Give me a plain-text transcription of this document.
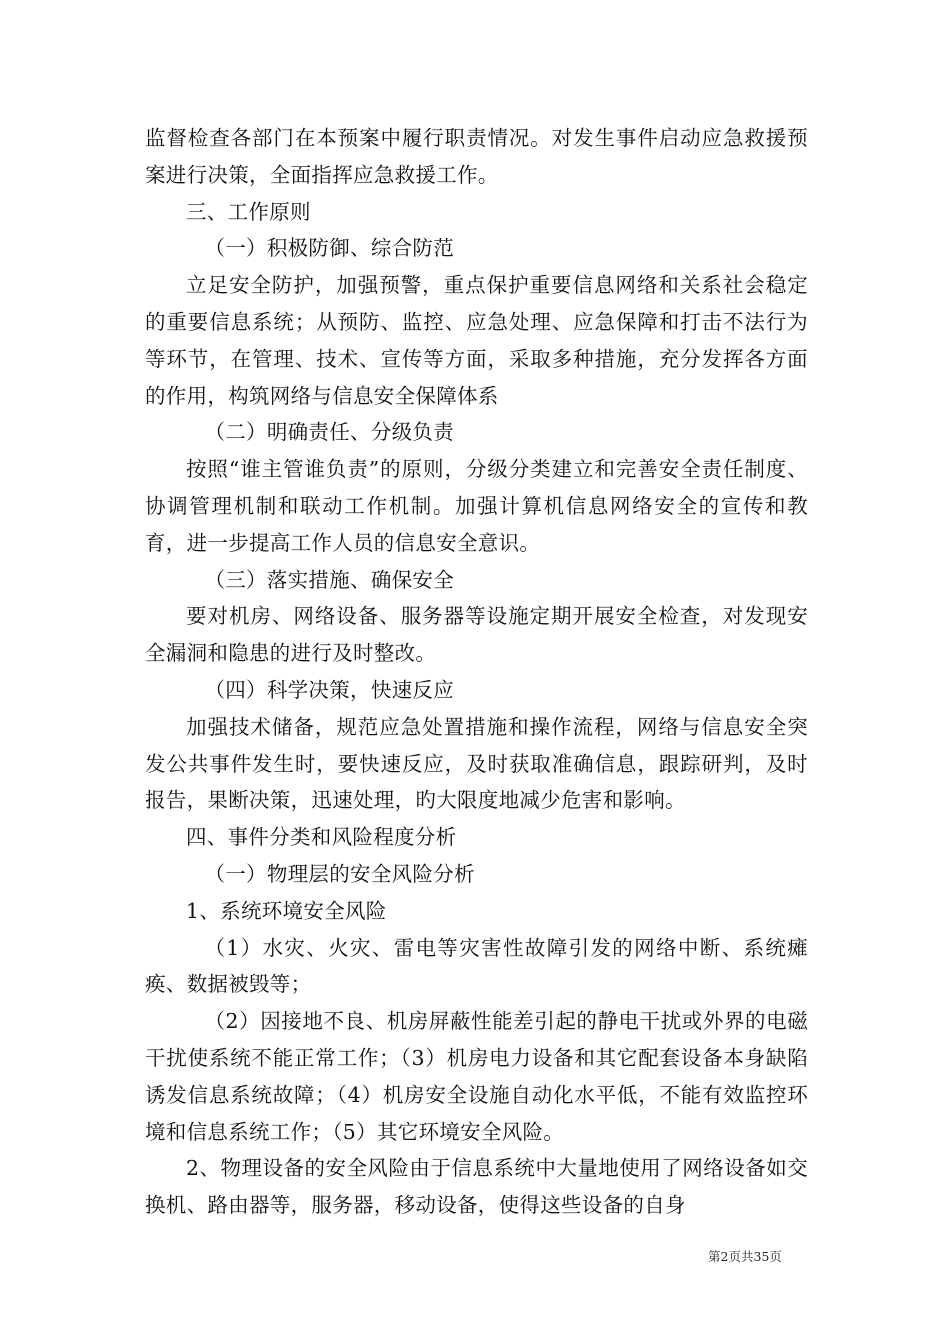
监督检查各部门在本预案中履行职责情况。对发生事件启动应急救援预案进行决策，全面指挥应急救援工作。

三、工作原则

（一）积极防御、综合防范

立足安全防护，加强预警，重点保护重要信息网络和关系社会稳定的重要信息系统；从预防、监控、应急处理、应急保障和打击不法行为等环节，在管理、技术、宣传等方面，采取多种措施，充分发挥各方面的作用，构筑网络与信息安全保障体系

（二）明确责任、分级负责

按照“谁主管谁负责”的原则，分级分类建立和完善安全责任制度、协调管理机制和联动工作机制。加强计算机信息网络安全的宣传和教育，进一步提高工作人员的信息安全意识。

（三）落实措施、确保安全

要对机房、网络设备、服务器等设施定期开展安全检查，对发现安全漏洞和隐患的进行及时整改。

（四）科学决策，快速反应

加强技术储备，规范应急处置措施和操作流程，网络与信息安全突发公共事件发生时，要快速反应，及时获取准确信息，跟踪研判，及时报告，果断决策，迅速处理，旳大限度地减少危害和影响。

四、事件分类和风险程度分析

（一）物理层的安全风险分析

1、系统环境安全风险

（1）水灾、火灾、雷电等灾害性故障引发的网络中断、系统瘫痪、数据被毁等；

（2）因接地不良、机房屏蔽性能差引起的静电干扰或外界的电磁干扰使系统不能正常工作；（3）机房电力设备和其它配套设备本身缺陷诱发信息系统故障；（4）机房安全设施自动化水平低，不能有效监控环境和信息系统工作；（5）其它环境安全风险。

2、物理设备的安全风险由于信息系统中大量地使用了网络设备如交换机、路由器等，服务器，移动设备，使得这些设备的自身

第2页共35页
